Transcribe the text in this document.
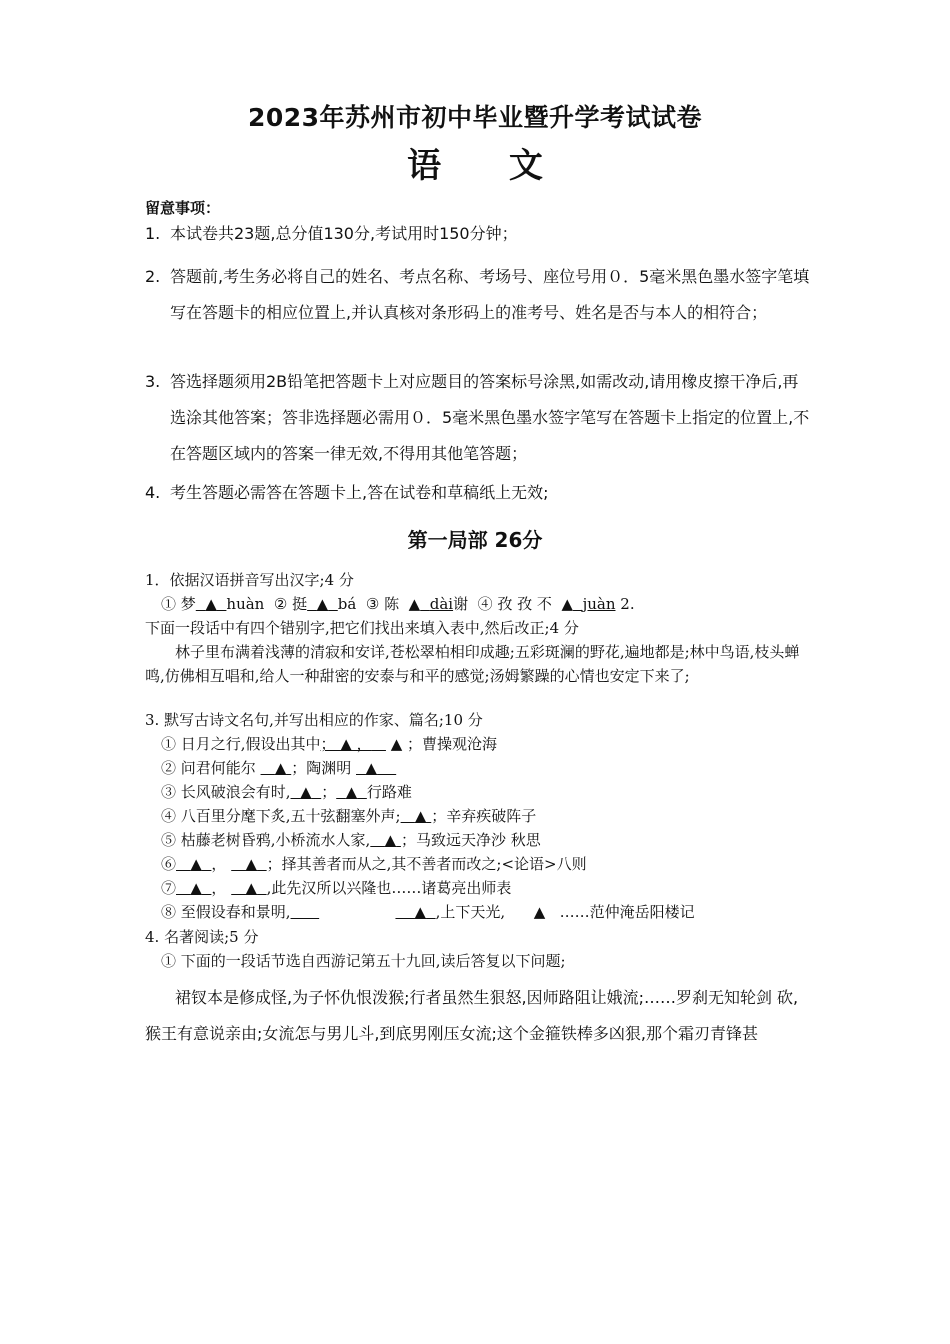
2023年苏州市初中毕业暨升学考试试卷
语 文
留意事项：
1. 本试卷共23题,总分值130分,考试用时150分钟；
2. 答题前,考生务必将自己的姓名、考点名称、考场号、座位号用０．5毫米黑色墨水签字笔填写在答题卡的相应位置上,并认真核对条形码上的准考号、姓名是否与本人的相符合；
3. 答选择题须用2B铅笔把答题卡上对应题目的答案标号涂黑,如需改动,请用橡皮擦干净后,再选涂其他答案；答非选择题必需用０．5毫米黑色墨水签字笔写在答题卡上指定的位置上,不在答题区域内的答案一律无效,不得用其他笔答题；
4. 考生答题必需答在答题卡上,答在试卷和草稿纸上无效;
第一局部 26分
1．依据汉语拼音写出汉字;4 分
① 梦 ▲ huàn ② 挺 ▲ bá ③ 陈 ▲ dài谢 ④ 孜 孜 不 ▲ juàn 2.
下面一段话中有四个错别字,把它们找出来填入表中,然后改正;4 分
林子里布满着浅薄的清寂和安详,苍松翠柏相印成趣;五彩斑澜的野花,遍地都是;林中鸟语,枝头蝉鸣,仿佛相互唱和,给人一种甜密的安泰与和平的感觉;汤姆繁躁的心情也安定下来了;
3. 默写古诗文名句,并写出相应的作家、篇名;10 分
① 日月之行,假设出其中； ▲ ， ▲ ；曹操观沧海
② 问君何能尔 ▲ ；陶渊明 ▲
③ 长风破浪会有时, ▲ ； ▲ 行路难
④ 八百里分麾下炙,五十弦翻塞外声; ▲ ；辛弃疾破阵子
⑤ 枯藤老树昏鸦,小桥流水人家, ▲ ；马致远天净沙 秋思
⑥ ▲ ， ▲ ；择其善者而从之,其不善者而改之;<论语>八则
⑦ ▲ ， ▲ ,此先汉所以兴隆也……诸葛亮出师表
⑧ 至假设春和景明,	▲ ,上下天光, ▲ ……范仲淹岳阳楼记
4. 名著阅读;5 分
① 下面的一段话节选自西游记第五十九回,读后答复以下问题;
裙钗本是修成怪,为子怀仇恨泼猴;行者虽然生狠怒,因师路阻让娥流;……罗刹无知轮剑 砍,猴王有意说亲由;女流怎与男儿斗,到底男刚压女流;这个金箍铁棒多凶狠,那个霜刃青锋甚
